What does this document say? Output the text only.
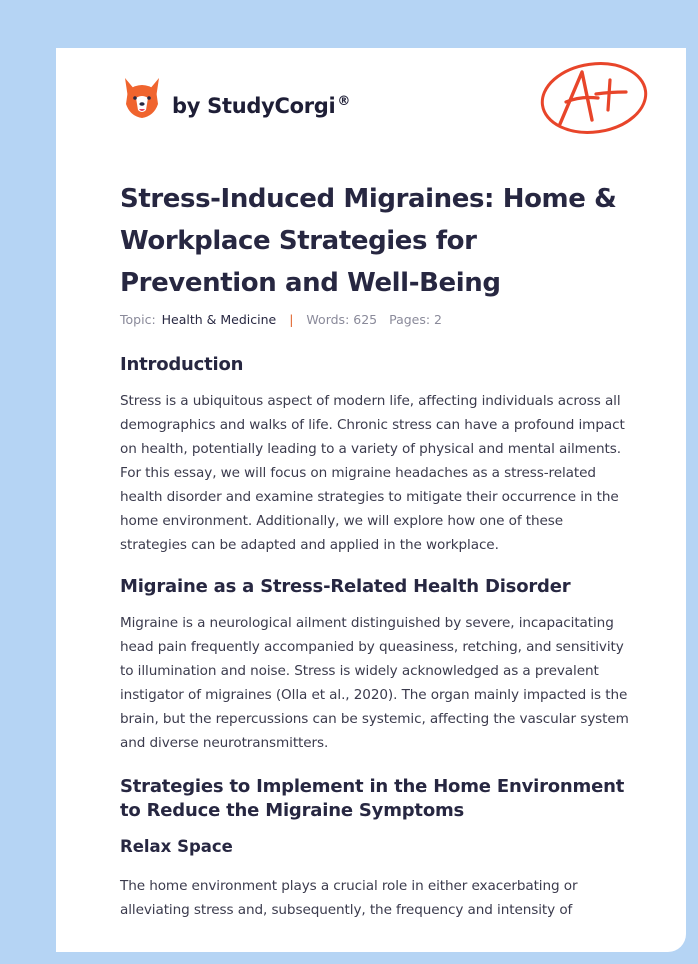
by StudyCorgi ®
Stress-Induced Migraines: Home & Workplace Strategies for Prevention and Well-Being
Topic: Health & Medicine | Words: 625 Pages: 2
Introduction

Stress is a ubiquitous aspect of modern life, affecting individuals across all demographics and walks of life. Chronic stress can have a profound impact on health, potentially leading to a variety of physical and mental ailments. For this essay, we will focus on migraine headaches as a stress-related health disorder and examine strategies to mitigate their occurrence in the home environment. Additionally, we will explore how one of these strategies can be adapted and applied in the workplace.

Migraine as a Stress-Related Health Disorder

Migraine is a neurological ailment distinguished by severe, incapacitating head pain frequently accompanied by queasiness, retching, and sensitivity to illumination and noise. Stress is widely acknowledged as a prevalent instigator of migraines (Olla et al., 2020). The organ mainly impacted is the brain, but the repercussions can be systemic, affecting the vascular system and diverse neurotransmitters.

Strategies to Implement in the Home Environment to Reduce the Migraine Symptoms
Relax Space

The home environment plays a crucial role in either exacerbating or alleviating stress and, subsequently, the frequency and intensity of
